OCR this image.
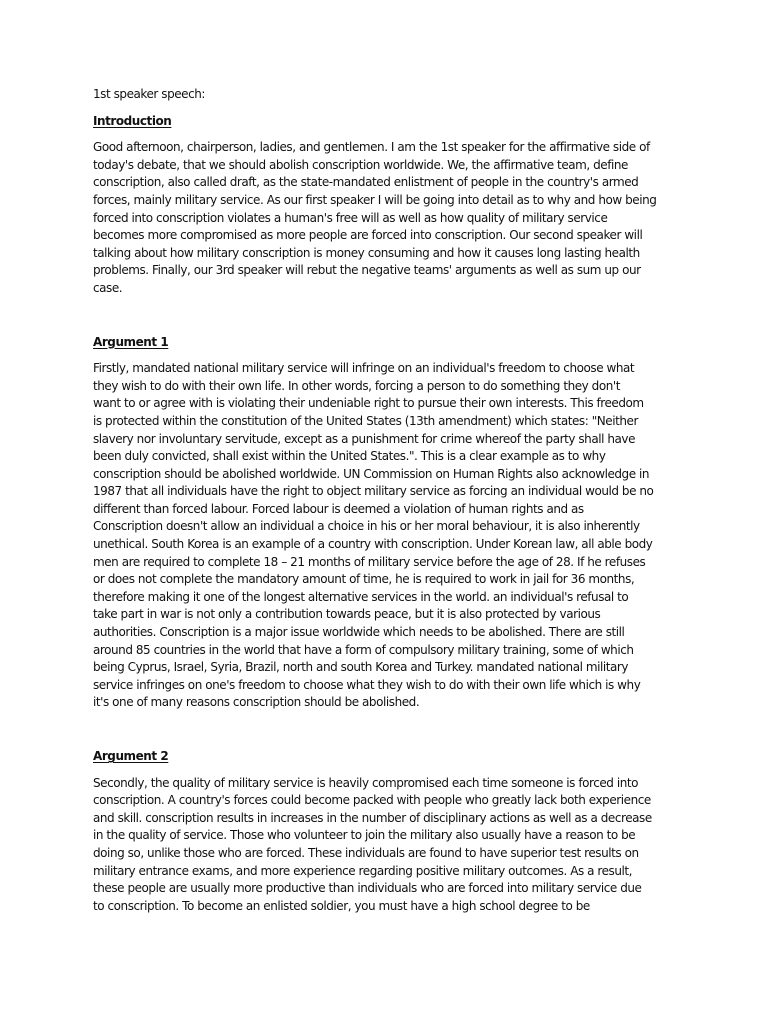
1st speaker speech:
Introduction
Good afternoon, chairperson, ladies, and gentlemen. I am the 1st speaker for the affirmative side of
today's debate, that we should abolish conscription worldwide. We, the affirmative team, define
conscription, also called draft, as the state-mandated enlistment of people in the country's armed
forces, mainly military service. As our first speaker I will be going into detail as to why and how being
forced into conscription violates a human's free will as well as how quality of military service
becomes more compromised as more people are forced into conscription. Our second speaker will
talking about how military conscription is money consuming and how it causes long lasting health
problems. Finally, our 3rd speaker will rebut the negative teams' arguments as well as sum up our
case.
Argument 1
Firstly, mandated national military service will infringe on an individual's freedom to choose what
they wish to do with their own life. In other words, forcing a person to do something they don't
want to or agree with is violating their undeniable right to pursue their own interests. This freedom
is protected within the constitution of the United States (13th amendment) which states: "Neither
slavery nor involuntary servitude, except as a punishment for crime whereof the party shall have
been duly convicted, shall exist within the United States.". This is a clear example as to why
conscription should be abolished worldwide. UN Commission on Human Rights also acknowledge in
1987 that all individuals have the right to object military service as forcing an individual would be no
different than forced labour. Forced labour is deemed a violation of human rights and as
Conscription doesn't allow an individual a choice in his or her moral behaviour, it is also inherently
unethical. South Korea is an example of a country with conscription. Under Korean law, all able body
men are required to complete 18 – 21 months of military service before the age of 28. If he refuses
or does not complete the mandatory amount of time, he is required to work in jail for 36 months,
therefore making it one of the longest alternative services in the world. an individual's refusal to
take part in war is not only a contribution towards peace, but it is also protected by various
authorities. Conscription is a major issue worldwide which needs to be abolished. There are still
around 85 countries in the world that have a form of compulsory military training, some of which
being Cyprus, Israel, Syria, Brazil, north and south Korea and Turkey. mandated national military
service infringes on one's freedom to choose what they wish to do with their own life which is why
it's one of many reasons conscription should be abolished.
Argument 2
Secondly, the quality of military service is heavily compromised each time someone is forced into
conscription. A country's forces could become packed with people who greatly lack both experience
and skill. conscription results in increases in the number of disciplinary actions as well as a decrease
in the quality of service. Those who volunteer to join the military also usually have a reason to be
doing so, unlike those who are forced. These individuals are found to have superior test results on
military entrance exams, and more experience regarding positive military outcomes. As a result,
these people are usually more productive than individuals who are forced into military service due
to conscription. To become an enlisted soldier, you must have a high school degree to be
